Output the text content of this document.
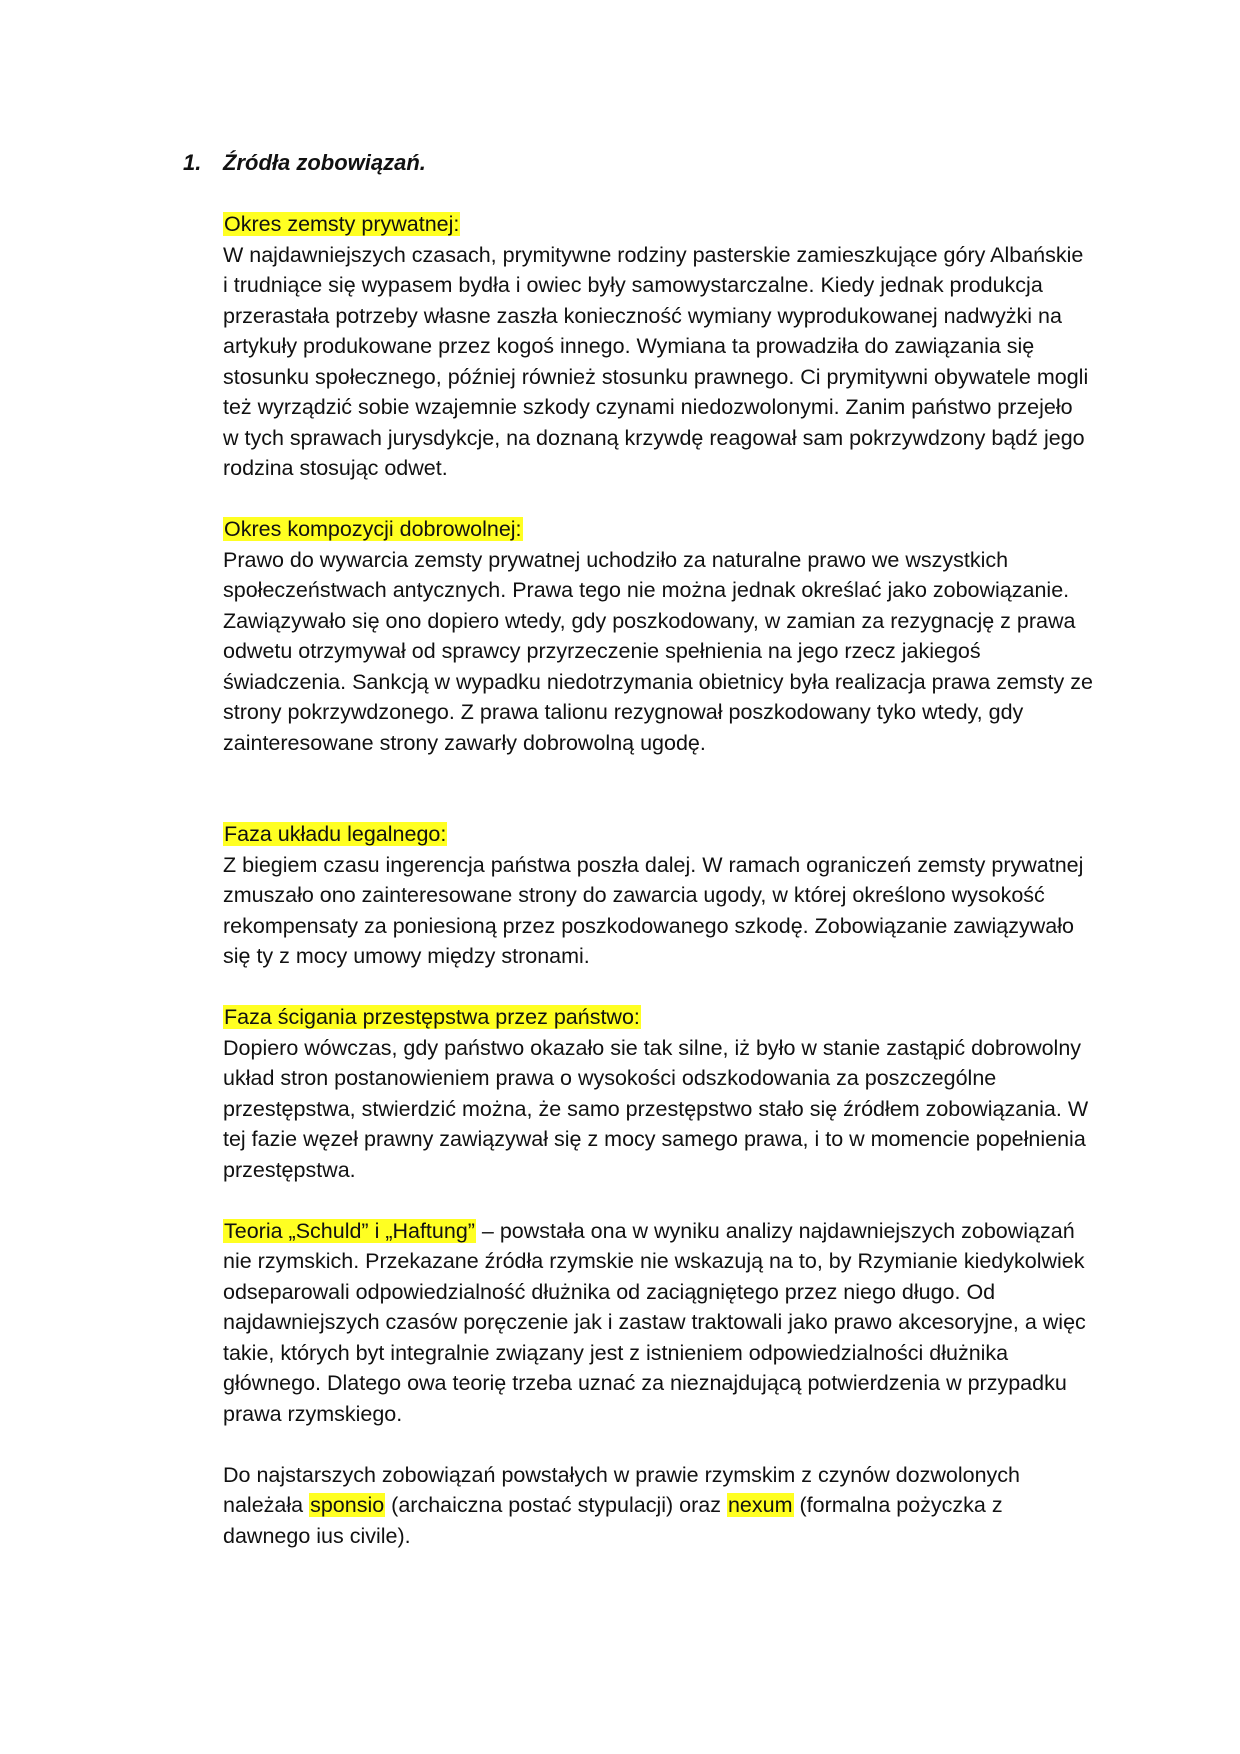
1. Źródła zobowiązań.

Okres zemsty prywatnej:

W najdawniejszych czasach, prymitywne rodziny pasterskie zamieszkujące góry Albańskie i trudniące się wypasem bydła i owiec były samowystarczalne. Kiedy jednak produkcja przerastała potrzeby własne zaszła konieczność wymiany wyprodukowanej nadwyżki na artykuły produkowane przez kogoś innego. Wymiana ta prowadziła do zawiązania się stosunku społecznego, później również stosunku prawnego. Ci prymitywni obywatele mogli też wyrządzić sobie wzajemnie szkody czynami niedozwolonymi. Zanim państwo przejeło w tych sprawach jurysdykcje, na doznaną krzywdę reagował sam pokrzywdzony bądź jego rodzina stosując odwet.

Okres kompozycji dobrowolnej:

Prawo do wywarcia zemsty prywatnej uchodziło za naturalne prawo we wszystkich społeczeństwach antycznych. Prawa tego nie można jednak określać jako zobowiązanie. Zawiązywało się ono dopiero wtedy, gdy poszkodowany, w zamian za rezygnację z prawa odwetu otrzymywał od sprawcy przyrzeczenie spełnienia na jego rzecz jakiegoś świadczenia. Sankcją w wypadku niedotrzymania obietnicy była realizacja prawa zemsty ze strony pokrzywdzonego. Z prawa talionu rezygnował poszkodowany tyko wtedy, gdy zainteresowane strony zawarły dobrowolną ugodę.

Faza układu legalnego:

Z biegiem czasu ingerencja państwa poszła dalej. W ramach ograniczeń zemsty prywatnej zmuszało ono zainteresowane strony do zawarcia ugody, w której określono wysokość rekompensaty za poniesioną przez poszkodowanego szkodę. Zobowiązanie zawiązywało się ty z mocy umowy między stronami.

Faza ścigania przestępstwa przez państwo:

Dopiero wówczas, gdy państwo okazało sie tak silne, iż było w stanie zastąpić dobrowolny układ stron postanowieniem prawa o wysokości odszkodowania za poszczególne przestępstwa, stwierdzić można, że samo przestępstwo stało się źródłem zobowiązania. W tej fazie węzeł prawny zawiązywał się z mocy samego prawa, i to w momencie popełnienia przestępstwa.

Teoria „Schuld” i „Haftung” – powstała ona w wyniku analizy najdawniejszych zobowiązań nie rzymskich. Przekazane źródła rzymskie nie wskazują na to, by Rzymianie kiedykolwiek odseparowali odpowiedzialność dłużnika od zaciągniętego przez niego długo. Od najdawniejszych czasów poręczenie jak i zastaw traktowali jako prawo akcesoryjne, a więc takie, których byt integralnie związany jest z istnieniem odpowiedzialności dłużnika głównego. Dlatego owa teorię trzeba uznać za nieznajdującą potwierdzenia w przypadku prawa rzymskiego.

Do najstarszych zobowiązań powstałych w prawie rzymskim z czynów dozwolonych należała sponsio (archaiczna postać stypulacji) oraz nexum (formalna pożyczka z dawnego ius civile).
